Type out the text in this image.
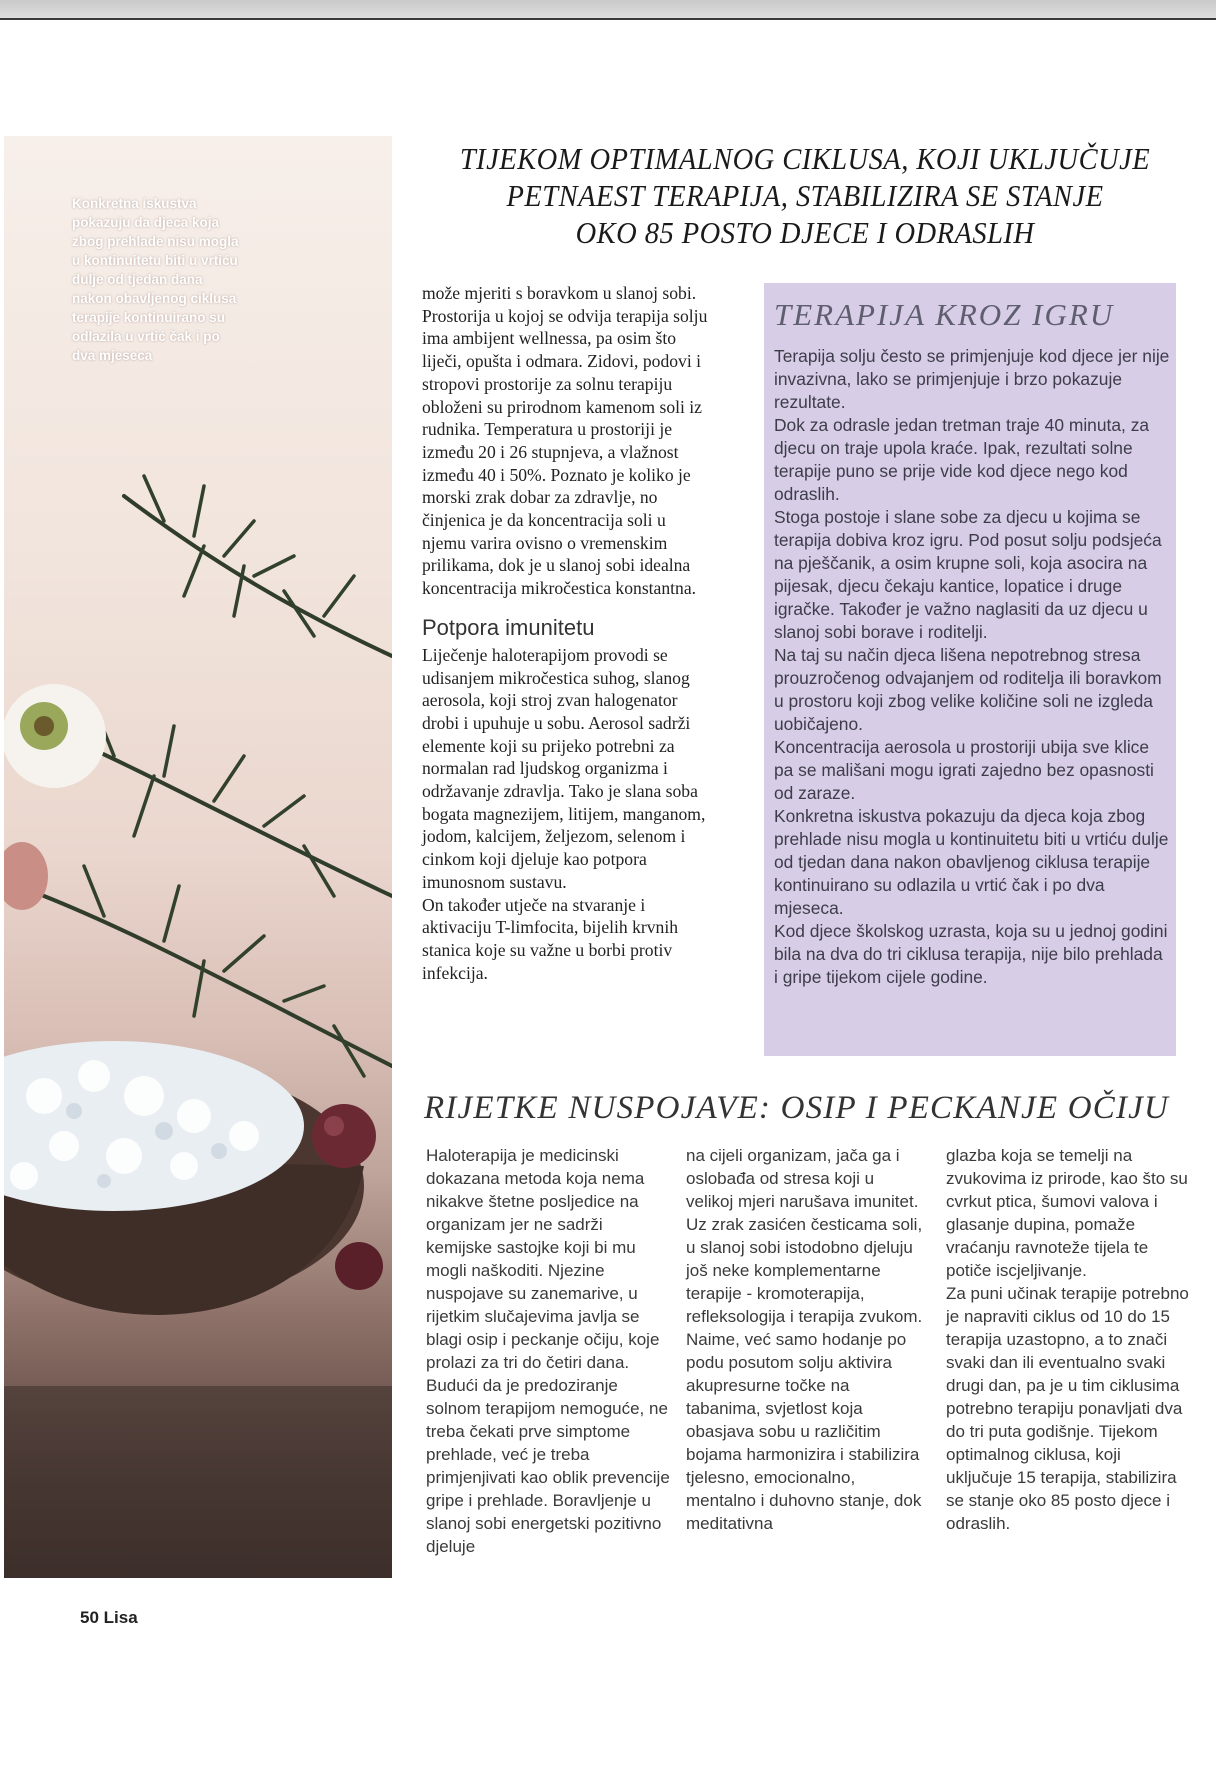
Konkretna iskustva pokazuju da djeca koja zbog prehlade nisu mogla u kontinuitetu biti u vrtiću dulje od tjedan dana nakon obavljenog ciklusa terapije kontinuirano su odlazila u vrtić čak i po dva mjeseca
TIJEKOM OPTIMALNOG CIKLUSA, KOJI UKLJUČUJE
PETNAEST TERAPIJA, STABILIZIRA SE STANJE
OKO 85 POSTO DJECE I ODRASLIH

može mjeriti s boravkom u slanoj sobi. Prostorija u kojoj se odvija terapija solju ima ambijent wellnessa, pa osim što liječi, opušta i odmara. Zidovi, podovi i stropovi prostorije za solnu terapiju obloženi su prirodnom kamenom soli iz rudnika. Temperatura u prostoriji je između 20 i 26 stupnjeva, a vlažnost između 40 i 50%. Poznato je koliko je morski zrak dobar za zdravlje, no činjenica je da koncentracija soli u njemu varira ovisno o vremenskim prilikama, dok je u slanoj sobi idealna koncentracija mikročestica konstantna.

Potpora imunitetu

Liječenje haloterapijom provodi se udisanjem mikročestica suhog, slanog aerosola, koji stroj zvan halogenator drobi i upuhuje u sobu. Aerosol sadrži elemente koji su prijeko potrebni za normalan rad ljudskog organizma i održavanje zdravlja. Tako je slana soba bogata magnezijem, litijem, manganom, jodom, kalcijem, željezom, selenom i cinkom koji djeluje kao potpora imunosnom sustavu.

On također utječe na stvaranje i aktivaciju T-limfocita, bijelih krvnih stanica koje su važne u borbi protiv infekcija.

TERAPIJA KROZ IGRU

Terapija solju često se primjenjuje kod djece jer nije invazivna, lako se primjenjuje i brzo pokazuje rezultate.

Dok za odrasle jedan tretman traje 40 minuta, za djecu on traje upola kraće. Ipak, rezultati solne terapije puno se prije vide kod djece nego kod odraslih.

Stoga postoje i slane sobe za djecu u kojima se terapija dobiva kroz igru. Pod posut solju podsjeća na pješčanik, a osim krupne soli, koja asocira na pijesak, djecu čekaju kantice, lopatice i druge igračke. Također je važno naglasiti da uz djecu u slanoj sobi borave i roditelji.

Na taj su način djeca lišena nepotrebnog stresa prouzročenog odvajanjem od roditelja ili boravkom u prostoru koji zbog velike količine soli ne izgleda uobičajeno.

Koncentracija aerosola u prostoriji ubija sve klice pa se mališani mogu igrati zajedno bez opasnosti od zaraze.

Konkretna iskustva pokazuju da djeca koja zbog prehlade nisu mogla u kontinuitetu biti u vrtiću dulje od tjedan dana nakon obavljenog ciklusa terapije kontinuirano su odlazila u vrtić čak i po dva mjeseca.

Kod djece školskog uzrasta, koja su u jednoj godini bila na dva do tri ciklusa terapija, nije bilo prehlada i gripe tijekom cijele godine.

RIJETKE NUSPOJAVE: OSIP I PECKANJE OČIJU

Haloterapija je medicinski dokazana metoda koja nema nikakve štetne posljedice na organizam jer ne sadrži kemijske sastojke koji bi mu mogli naškoditi. Njezine nuspojave su zanemarive, u rijetkim slučajevima javlja se blagi osip i peckanje očiju, koje prolazi za tri do četiri dana. Budući da je predoziranje solnom terapijom nemoguće, ne treba čekati prve simptome prehlade, već je treba primjenjivati kao oblik prevencije gripe i prehlade. Boravljenje u slanoj sobi energetski pozitivno djeluje

na cijeli organizam, jača ga i oslobađa od stresa koji u velikoj mjeri narušava imunitet.

Uz zrak zasićen česticama soli, u slanoj sobi istodobno djeluju još neke komplementarne terapije - kromoterapija, refleksologija i terapija zvukom.

Naime, već samo hodanje po podu posutom solju aktivira akupresurne točke na tabanima, svjetlost koja obasjava sobu u različitim bojama harmonizira i stabilizira tjelesno, emocionalno, mentalno i duhovno stanje, dok meditativna

glazba koja se temelji na zvukovima iz prirode, kao što su cvrkut ptica, šumovi valova i glasanje dupina, pomaže vraćanju ravnoteže tijela te potiče iscjeljivanje.

Za puni učinak terapije potrebno je napraviti ciklus od 10 do 15 terapija uzastopno, a to znači svaki dan ili eventualno svaki drugi dan, pa je u tim ciklusima potrebno terapiju ponavljati dva do tri puta godišnje. Tijekom optimalnog ciklusa, koji uključuje 15 terapija, stabilizira se stanje oko 85 posto djece i odraslih.

50 Lisa
